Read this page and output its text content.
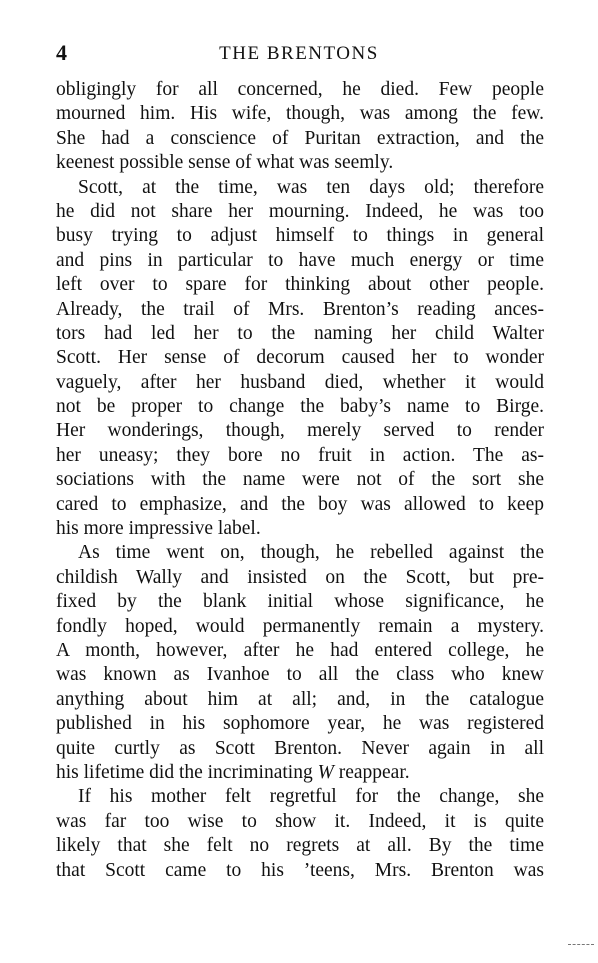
4	THE BRENTONS
obligingly for all concerned, he died. Few people
mourned him. His wife, though, was among the few.
She had a conscience of Puritan extraction, and the
keenest possible sense of what was seemly.
Scott, at the time, was ten days old; therefore
he did not share her mourning. Indeed, he was too
busy trying to adjust himself to things in general
and pins in particular to have much energy or time
left over to spare for thinking about other people.
Already, the trail of Mrs. Brenton’s reading ances-
tors had led her to the naming her child Walter
Scott. Her sense of decorum caused her to wonder
vaguely, after her husband died, whether it would
not be proper to change the baby’s name to Birge.
Her wonderings, though, merely served to render
her uneasy; they bore no fruit in action. The as-
sociations with the name were not of the sort she
cared to emphasize, and the boy was allowed to keep
his more impressive label.
As time went on, though, he rebelled against the
childish Wally and insisted on the Scott, but pre-
fixed by the blank initial whose significance, he
fondly hoped, would permanently remain a mystery.
A month, however, after he had entered college, he
was known as Ivanhoe to all the class who knew
anything about him at all; and, in the catalogue
published in his sophomore year, he was registered
quite curtly as Scott Brenton. Never again in all
his lifetime did the incriminating W reappear.
If his mother felt regretful for the change, she
was far too wise to show it. Indeed, it is quite
likely that she felt no regrets at all. By the time
that Scott came to his ’teens, Mrs. Brenton was
